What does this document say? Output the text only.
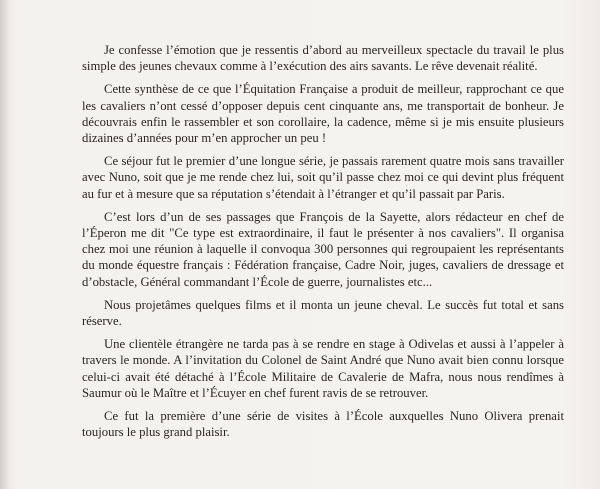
Je confesse l’émotion que je ressentis d’abord au merveilleux spectacle du travail le plus simple des jeunes chevaux comme à l’exécution des airs savants. Le rêve devenait réalité.

Cette synthèse de ce que l’Équitation Française a produit de meilleur, rapprochant ce que les cavaliers n’ont cessé d’opposer depuis cent cinquante ans, me transportait de bonheur. Je découvrais enfin le rassembler et son corollaire, la cadence, même si je mis ensuite plusieurs dizaines d’années pour m’en approcher un peu !

Ce séjour fut le premier d’une longue série, je passais rarement quatre mois sans travailler avec Nuno, soit que je me rende chez lui, soit qu’il passe chez moi ce qui devint plus fréquent au fur et à mesure que sa réputation s’étendait à l’étranger et qu’il passait par Paris.

C’est lors d’un de ses passages que François de la Sayette, alors rédacteur en chef de l’Éperon me dit "Ce type est extraordinaire, il faut le présenter à nos cavaliers". Il organisa chez moi une réunion à laquelle il convoqua 300 personnes qui regroupaient les représentants du monde équestre français : Fédération française, Cadre Noir, juges, cavaliers de dressage et d’obstacle, Général commandant l’École de guerre, journalistes etc...

Nous projetâmes quelques films et il monta un jeune cheval. Le succès fut total et sans réserve.

Une clientèle étrangère ne tarda pas à se rendre en stage à Odivelas et aussi à l’appeler à travers le monde. A l’invitation du Colonel de Saint André que Nuno avait bien connu lorsque celui-ci avait été détaché à l’École Militaire de Cavalerie de Mafra, nous nous rendîmes à Saumur où le Maître et l’Écuyer en chef furent ravis de se retrouver.

Ce fut la première d’une série de visites à l’École auxquelles Nuno Olivera prenait toujours le plus grand plaisir.
